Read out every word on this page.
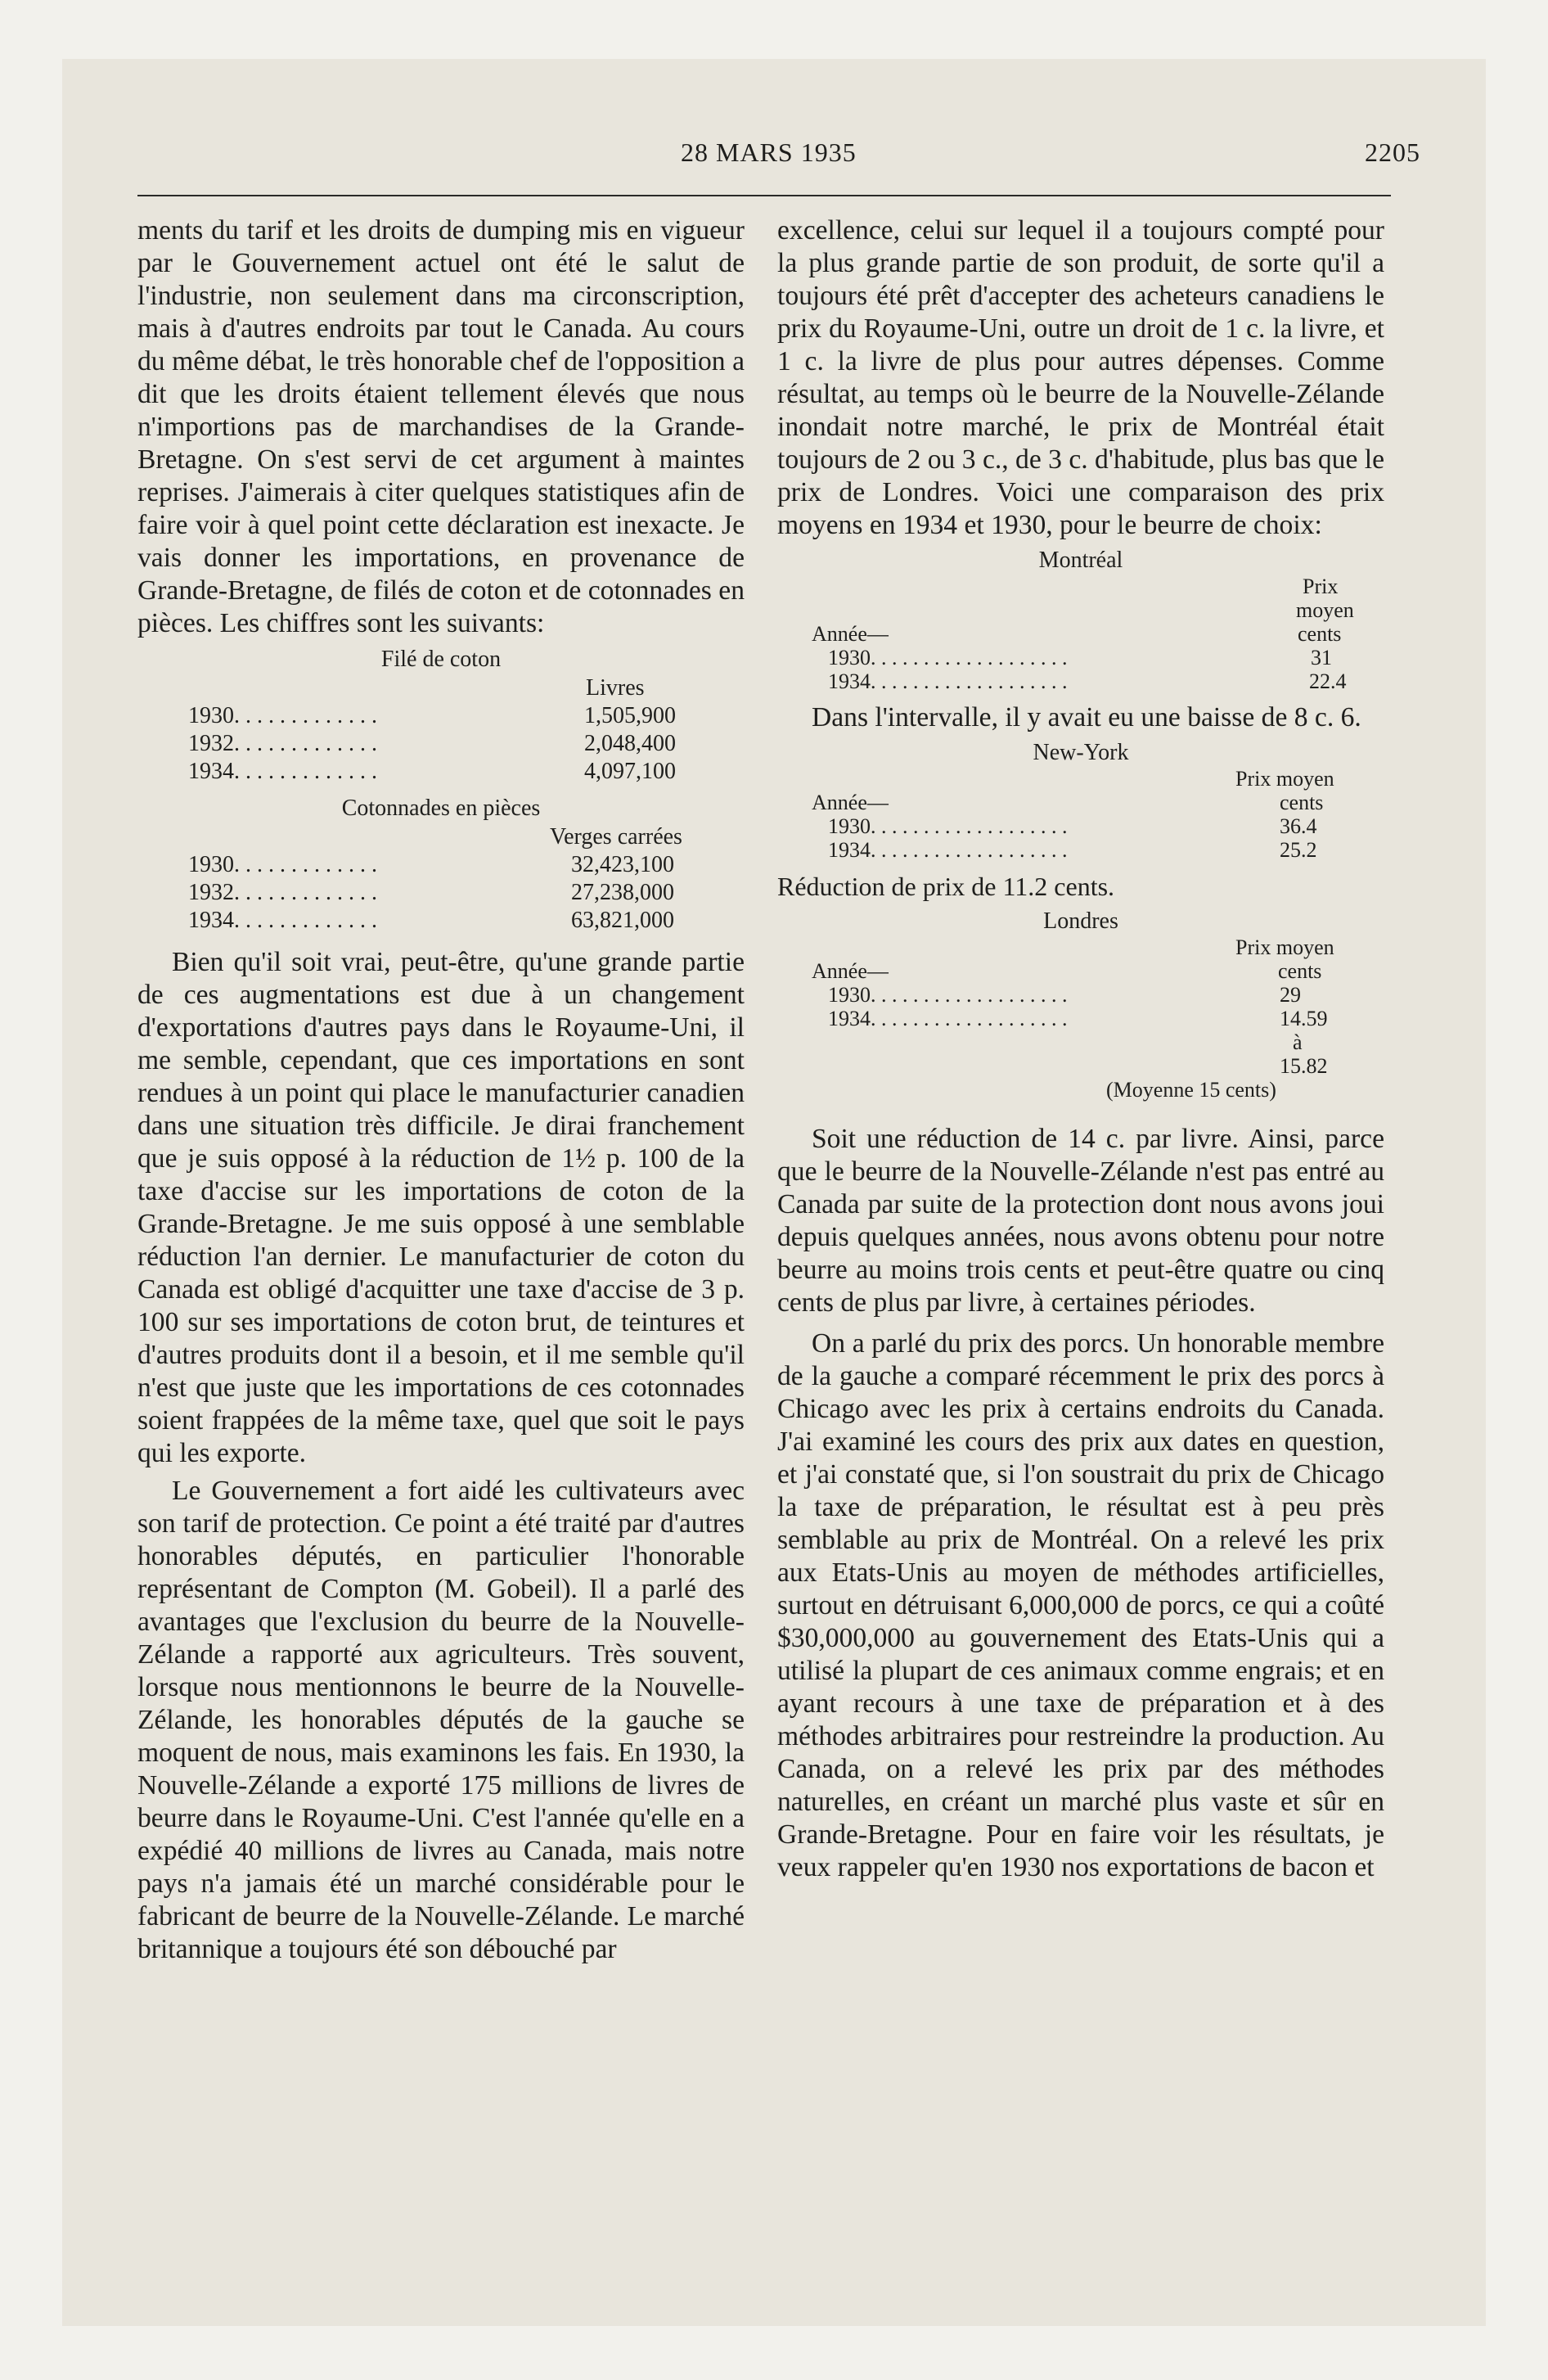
28 MARS 1935	2205

ments du tarif et les droits de dumping mis en vigueur par le Gouvernement actuel ont été le salut de l'industrie, non seulement dans ma circonscription, mais à d'autres endroits par tout le Canada. Au cours du même débat, le très honorable chef de l'opposition a dit que les droits étaient tellement élevés que nous n'importions pas de marchandises de la Grande-Bretagne. On s'est servi de cet argument à maintes reprises. J'aimerais à citer quelques statistiques afin de faire voir à quel point cette déclaration est inexacte. Je vais donner les importations, en provenance de Grande-Bretagne, de filés de coton et de cotonnades en pièces. Les chiffres sont les suivants:

Filé de coton
Livres
1930. . . . . . . . . . . . .	1,505,900
1932. . . . . . . . . . . . .	2,048,400
1934. . . . . . . . . . . . .	4,097,100
Cotonnades en pièces
Verges carrées
1930. . . . . . . . . . . . .	32,423,100
1932. . . . . . . . . . . . .	27,238,000
1934. . . . . . . . . . . . .	63,821,000

Bien qu'il soit vrai, peut-être, qu'une grande partie de ces augmentations est due à un changement d'exportations d'autres pays dans le Royaume-Uni, il me semble, cependant, que ces importations en sont rendues à un point qui place le manufacturier canadien dans une situation très difficile. Je dirai franchement que je suis opposé à la réduction de 1½ p. 100 de la taxe d'accise sur les importations de coton de la Grande-Bretagne. Je me suis opposé à une semblable réduction l'an dernier. Le manufacturier de coton du Canada est obligé d'acquitter une taxe d'accise de 3 p. 100 sur ses importations de coton brut, de teintures et d'autres produits dont il a besoin, et il me semble qu'il n'est que juste que les importations de ces cotonnades soient frappées de la même taxe, quel que soit le pays qui les exporte.

Le Gouvernement a fort aidé les cultivateurs avec son tarif de protection. Ce point a été traité par d'autres honorables députés, en particulier l'honorable représentant de Compton (M. Gobeil). Il a parlé des avantages que l'exclusion du beurre de la Nouvelle-Zélande a rapporté aux agriculteurs. Très souvent, lorsque nous mentionnons le beurre de la Nouvelle-Zélande, les honorables députés de la gauche se moquent de nous, mais examinons les fais. En 1930, la Nouvelle-Zélande a exporté 175 millions de livres de beurre dans le Royaume-Uni. C'est l'année qu'elle en a expédié 40 millions de livres au Canada, mais notre pays n'a jamais été un marché considérable pour le fabricant de beurre de la Nouvelle-Zélande. Le marché britannique a toujours été son débouché par

excellence, celui sur lequel il a toujours compté pour la plus grande partie de son produit, de sorte qu'il a toujours été prêt d'accepter des acheteurs canadiens le prix du Royaume-Uni, outre un droit de 1 c. la livre, et 1 c. la livre de plus pour autres dépenses. Comme résultat, au temps où le beurre de la Nouvelle-Zélande inondait notre marché, le prix de Montréal était toujours de 2 ou 3 c., de 3 c. d'habitude, plus bas que le prix de Londres. Voici une comparaison des prix moyens en 1934 et 1930, pour le beurre de choix:

Montréal
Prix
moyen
Année—	cents
1930. . . . . . . . . . . . . . . . . . .	31
1934. . . . . . . . . . . . . . . . . . .	22.4

Dans l'intervalle, il y avait eu une baisse de 8 c. 6.

New-York
Prix moyen
Année—	cents
1930. . . . . . . . . . . . . . . . . . .	36.4
1934. . . . . . . . . . . . . . . . . . .	25.2

Réduction de prix de 11.2 cents.

Londres
Prix moyen
Année—	cents
1930. . . . . . . . . . . . . . . . . . .	29
1934. . . . . . . . . . . . . . . . . . .	14.59
à
15.82
(Moyenne 15 cents)

Soit une réduction de 14 c. par livre. Ainsi, parce que le beurre de la Nouvelle-Zélande n'est pas entré au Canada par suite de la protection dont nous avons joui depuis quelques années, nous avons obtenu pour notre beurre au moins trois cents et peut-être quatre ou cinq cents de plus par livre, à certaines périodes.

On a parlé du prix des porcs. Un honorable membre de la gauche a comparé récemment le prix des porcs à Chicago avec les prix à certains endroits du Canada. J'ai examiné les cours des prix aux dates en question, et j'ai constaté que, si l'on soustrait du prix de Chicago la taxe de préparation, le résultat est à peu près semblable au prix de Montréal. On a relevé les prix aux Etats-Unis au moyen de méthodes artificielles, surtout en détruisant 6,000,000 de porcs, ce qui a coûté $30,000,000 au gouvernement des Etats-Unis qui a utilisé la plupart de ces animaux comme engrais; et en ayant recours à une taxe de préparation et à des méthodes arbitraires pour restreindre la production. Au Canada, on a relevé les prix par des méthodes naturelles, en créant un marché plus vaste et sûr en Grande-Bretagne. Pour en faire voir les résultats, je veux rappeler qu'en 1930 nos exportations de bacon et
